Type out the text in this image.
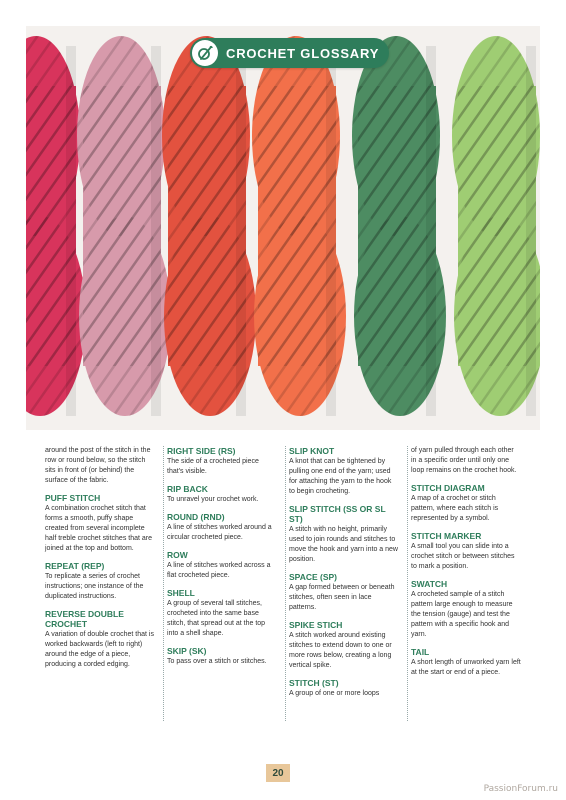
CROCHET GLOSSARY

around the post of the stitch in the row or round below, so the stitch sits in front of (or behind) the surface of the fabric.

PUFF STITCH

A combination crochet stitch that forms a smooth, puffy shape created from several incomplete half treble crochet stitches that are joined at the top and bottom.

REPEAT (REP)

To replicate a series of crochet instructions; one instance of the duplicated instructions.

REVERSE DOUBLE CROCHET

A variation of double crochet that is worked backwards (left to right) around the edge of a piece, producing a corded edging.

RIGHT SIDE (RS)

The side of a crocheted piece that's visible.

RIP BACK

To unravel your crochet work.

ROUND (RND)

A line of stitches worked around a circular crocheted piece.

ROW

A line of stitches worked across a flat crocheted piece.

SHELL

A group of several tall stitches, crocheted into the same base stitch, that spread out at the top into a shell shape.

SKIP (SK)

To pass over a stitch or stitches.

SLIP KNOT

A knot that can be tightened by pulling one end of the yarn; used for attaching the yarn to the hook to begin crocheting.

SLIP STITCH (SS OR SL ST)

A stitch with no height, primarily used to join rounds and stitches to move the hook and yarn into a new position.

SPACE (SP)

A gap formed between or beneath stitches, often seen in lace patterns.

SPIKE STICH

A stitch worked around existing stitches to extend down to one or more rows below, creating a long vertical spike.

STITCH (ST)

A group of one or more loops

of yarn pulled through each other in a specific order until only one loop remains on the crochet hook.

STITCH DIAGRAM

A map of a crochet or stitch pattern, where each stitch is represented by a symbol.

STITCH MARKER

A small tool you can slide into a crochet stitch or between stitches to mark a position.

SWATCH

A crocheted sample of a stitch pattern large enough to measure the tension (gauge) and test the pattern with a specific hook and yarn.

TAIL

A short length of unworked yarn left at the start or end of a piece.

20
PassionForum.ru
